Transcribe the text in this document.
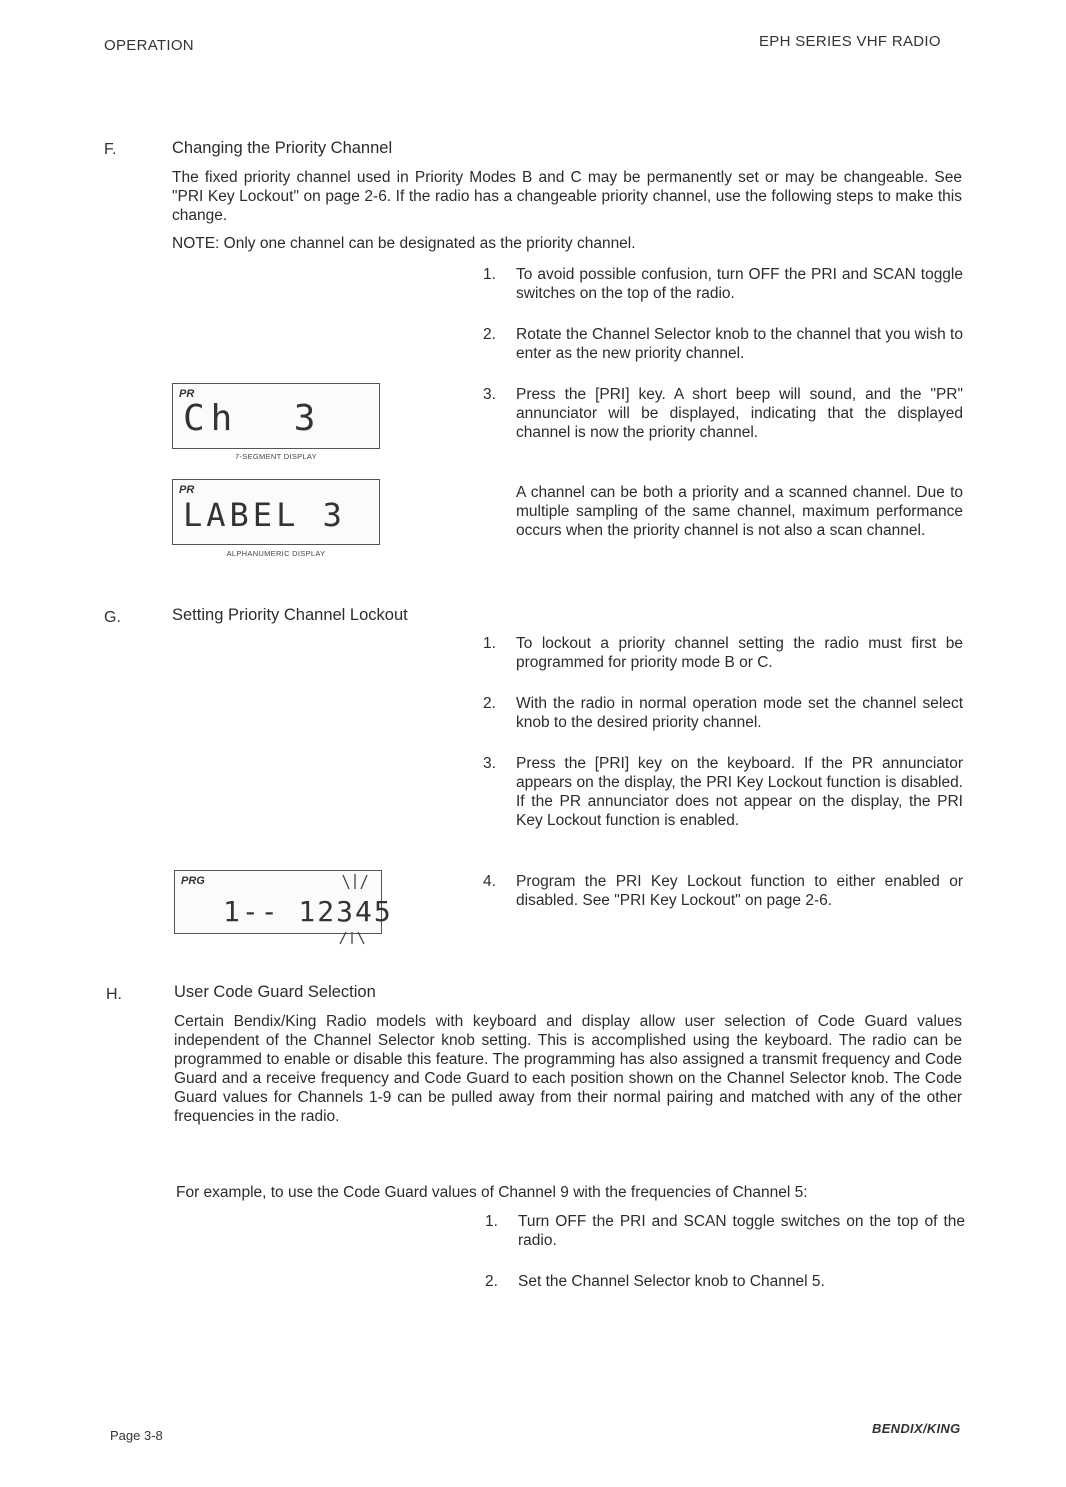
OPERATION	EPH SERIES VHF RADIO
F.	Changing the Priority Channel
The fixed priority channel used in Priority Modes B and C may be permanently set or may be changeable. See "PRI Key Lockout" on page 2-6. If the radio has a changeable priority channel, use the following steps to make this change.
NOTE: Only one channel can be designated as the priority channel.
1.	To avoid possible confusion, turn OFF the PRI and SCAN toggle switches on the top of the radio.
2.	Rotate the Channel Selector knob to the channel that you wish to enter as the new priority channel.
3.	Press the [PRI] key. A short beep will sound, and the "PR" annunciator will be displayed, indicating that the displayed channel is now the priority channel.
A channel can be both a priority and a scanned channel. Due to multiple sampling of the same channel, maximum performance occurs when the priority channel is not also a scan channel.
PR
Ch  3
7-SEGMENT DISPLAY
PR
LABEL 3
ALPHANUMERIC DISPLAY
G.	Setting Priority Channel Lockout
1.	To lockout a priority channel setting the radio must first be programmed for priority mode B or C.
2.	With the radio in normal operation mode set the channel select knob to the desired priority channel.
3.	Press the [PRI] key on the keyboard. If the PR annunciator appears on the display, the PRI Key Lockout function is disabled. If the PR annunciator does not appear on the display, the PRI Key Lockout function is enabled.
4.	Program the PRI Key Lockout function to either enabled or disabled. See "PRI Key Lockout" on page 2-6.
PRG
1-- 12345
H.	User Code Guard Selection
Certain Bendix/King Radio models with keyboard and display allow user selection of Code Guard values independent of the Channel Selector knob setting. This is accomplished using the keyboard. The radio can be programmed to enable or disable this feature. The programming has also assigned a transmit frequency and Code Guard and a receive frequency and Code Guard to each position shown on the Channel Selector knob. The Code Guard values for Channels 1-9 can be pulled away from their normal pairing and matched with any of the other frequencies in the radio.
For example, to use the Code Guard values of Channel 9 with the frequencies of Channel 5:
1.	Turn OFF the PRI and SCAN toggle switches on the top of the radio.
2.	Set the Channel Selector knob to Channel 5.
Page 3-8	BENDIX/KING
